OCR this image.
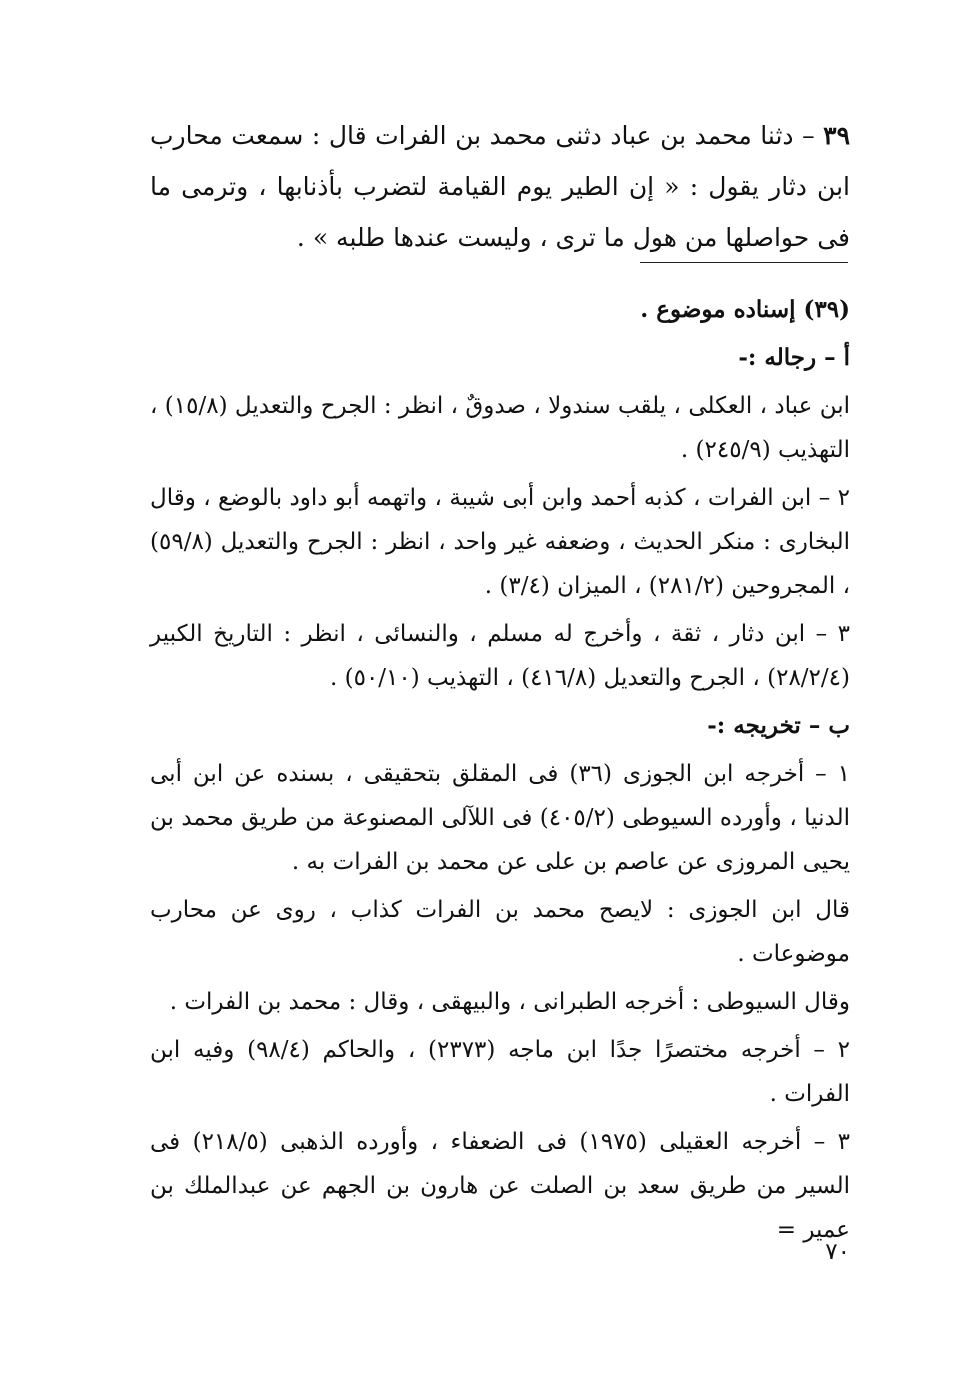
٣٩ – دثنا محمد بن عباد دثنى محمد بن الفرات قال : سمعت محارب ابن دثار يقول : « إن الطير يوم القيامة لتضرب بأذنابها ، وترمى ما فى حواصلها من هول ما ترى ، وليست عندها طلبه » .

(٣٩) إسناده موضوع .

أ – رجاله :-

ابن عباد ، العكلى ، يلقب سندولا ، صدوقٌ ، انظر : الجرح والتعديل (١٥/٨) ، التهذيب (٢٤٥/٩) .

٢ – ابن الفرات ، كذبه أحمد وابن أبى شيبة ، واتهمه أبو داود بالوضع ، وقال البخارى : منكر الحديث ، وضعفه غير واحد ، انظر : الجرح والتعديل (٥٩/٨) ، المجروحين (٢٨١/٢) ، الميزان (٣/٤) .

٣ – ابن دثار ، ثقة ، وأخرج له مسلم ، والنسائى ، انظر : التاريخ الكبير (٢٨/٢/٤) ، الجرح والتعديل (٤١٦/٨) ، التهذيب (٥٠/١٠) .

ب – تخريجه :-

١ – أخرجه ابن الجوزى (٣٦) فى المقلق بتحقيقى ، بسنده عن ابن أبى الدنيا ، وأورده السيوطى (٤٠٥/٢) فى اللآلى المصنوعة من طريق محمد بن يحيى المروزى عن عاصم بن على عن محمد بن الفرات به .

قال ابن الجوزى : لايصح محمد بن الفرات كذاب ، روى عن محارب موضوعات .

وقال السيوطى : أخرجه الطبرانى ، والبيهقى ، وقال : محمد بن الفرات .

٢ – أخرجه مختصرًا جدًا ابن ماجه (٢٣٧٣) ، والحاكم (٩٨/٤) وفيه ابن الفرات .

٣ – أخرجه العقيلى (١٩٧٥) فى الضعفاء ، وأورده الذهبى (٢١٨/٥) فى السير من طريق سعد بن الصلت عن هارون بن الجهم عن عبدالملك بن عمير =

٧٠
